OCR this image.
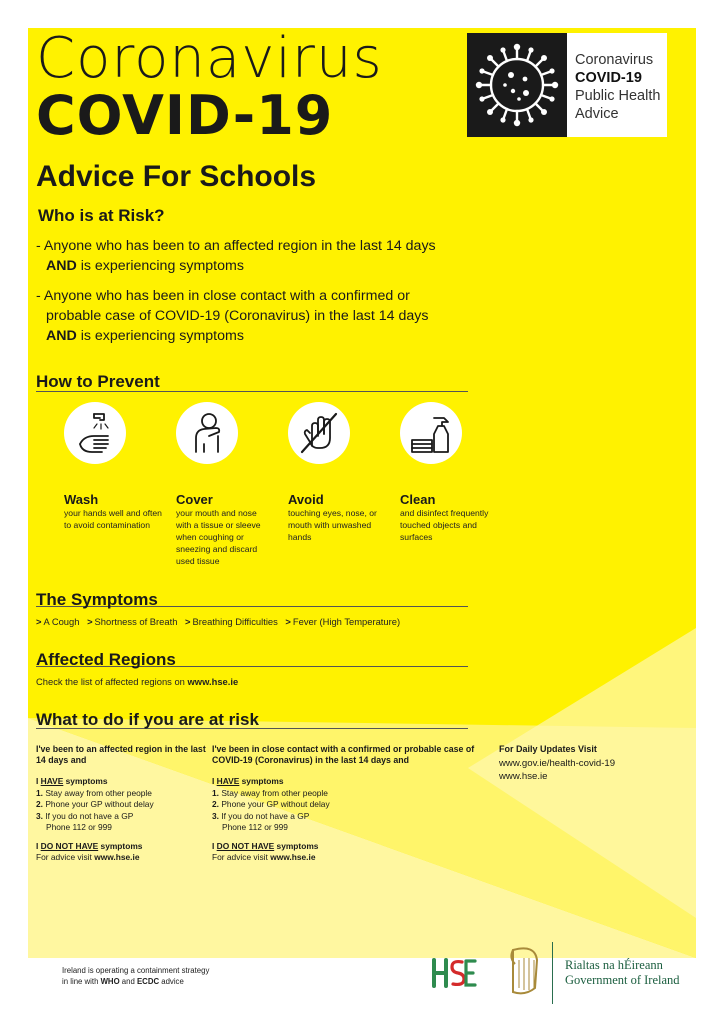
Coronavirus
COVID-19
Coronavirus
COVID-19
Public Health
Advice
Advice For Schools
Who is at Risk?
- Anyone who has been to an affected region in the last 14 days
AND is experiencing symptoms
- Anyone who has been in close contact with a confirmed or
probable case of COVID-19 (Coronavirus) in the last 14 days
AND is experiencing symptoms
How to Prevent
Wash
your hands well and often to avoid contamination
Cover
your mouth and nose with a tissue or sleeve when coughing or sneezing and discard used tissue
Avoid
touching eyes, nose, or mouth with unwashed hands
Clean
and disinfect frequently touched objects and surfaces
The Symptoms
> A Cough > Shortness of Breath > Breathing Difficulties > Fever (High Temperature)
Affected Regions
Check the list of affected regions on www.hse.ie
What to do if you are at risk
I've been to an affected region in the last 14 days and
I HAVE symptoms
1. Stay away from other people
2. Phone your GP without delay
3. If you do not have a GP
Phone 112 or 999
I DO NOT HAVE symptoms
For advice visit www.hse.ie
I've been in close contact with a confirmed or probable case of COVID-19 (Coronavirus) in the last 14 days and
I HAVE symptoms
1. Stay away from other people
2. Phone your GP without delay
3. If you do not have a GP
Phone 112 or 999
I DO NOT HAVE symptoms
For advice visit www.hse.ie
For Daily Updates Visit
www.gov.ie/health-covid-19
www.hse.ie
Ireland is operating a containment strategy
in line with WHO and ECDC advice
Rialtas na hÉireann
Government of Ireland
